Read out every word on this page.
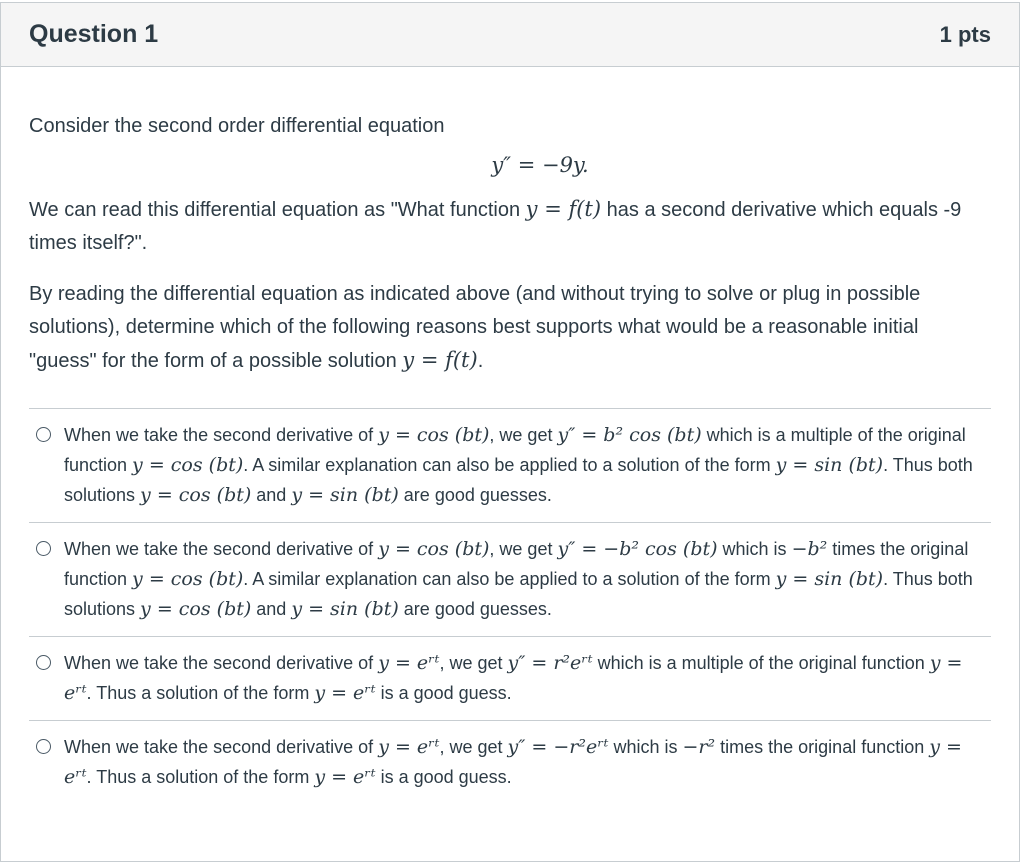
Question 1	1 pts
Consider the second order differential equation
y″ = −9y.
We can read this differential equation as "What function y = f(t) has a second derivative which equals -9 times itself?".
By reading the differential equation as indicated above (and without trying to solve or plug in possible solutions), determine which of the following reasons best supports what would be a reasonable initial "guess" for the form of a possible solution y = f(t).
When we take the second derivative of y = cos (bt), we get y″ = b² cos (bt) which is a multiple of the original function y = cos (bt). A similar explanation can also be applied to a solution of the form y = sin (bt). Thus both solutions y = cos (bt) and y = sin (bt) are good guesses.
When we take the second derivative of y = cos (bt), we get y″ = −b² cos (bt) which is −b² times the original function y = cos (bt). A similar explanation can also be applied to a solution of the form y = sin (bt). Thus both solutions y = cos (bt) and y = sin (bt) are good guesses.
When we take the second derivative of y = eʳᵗ, we get y″ = r²eʳᵗ which is a multiple of the original function y = eʳᵗ. Thus a solution of the form y = eʳᵗ is a good guess.
When we take the second derivative of y = eʳᵗ, we get y″ = −r²eʳᵗ which is −r² times the original function y = eʳᵗ. Thus a solution of the form y = eʳᵗ is a good guess.
